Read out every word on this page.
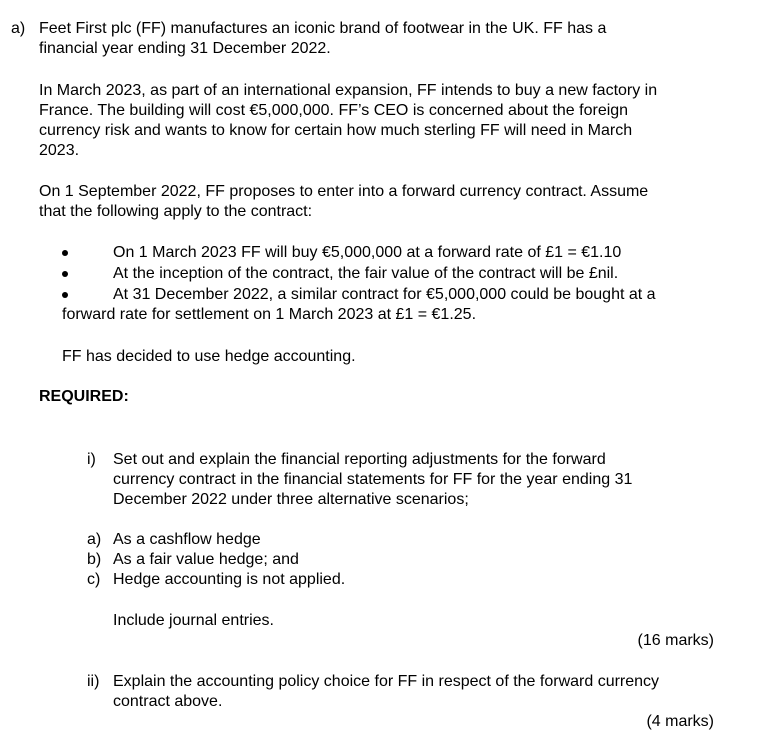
a) Feet First plc (FF) manufactures an iconic brand of footwear in the UK. FF has a
financial year ending 31 December 2022.
In March 2023, as part of an international expansion, FF intends to buy a new factory in
France. The building will cost €5,000,000. FF’s CEO is concerned about the foreign
currency risk and wants to know for certain how much sterling FF will need in March
2023.
On 1 September 2022, FF proposes to enter into a forward currency contract. Assume
that the following apply to the contract:
On 1 March 2023 FF will buy €5,000,000 at a forward rate of £1 = €1.10
At the inception of the contract, the fair value of the contract will be £nil.
At 31 December 2022, a similar contract for €5,000,000 could be bought at a
forward rate for settlement on 1 March 2023 at £1 = €1.25.
FF has decided to use hedge accounting.
REQUIRED:
i) Set out and explain the financial reporting adjustments for the forward
currency contract in the financial statements for FF for the year ending 31
December 2022 under three alternative scenarios;
a) As a cashflow hedge
b) As a fair value hedge; and
c) Hedge accounting is not applied.
Include journal entries.
(16 marks)
ii) Explain the accounting policy choice for FF in respect of the forward currency
contract above.
(4 marks)
